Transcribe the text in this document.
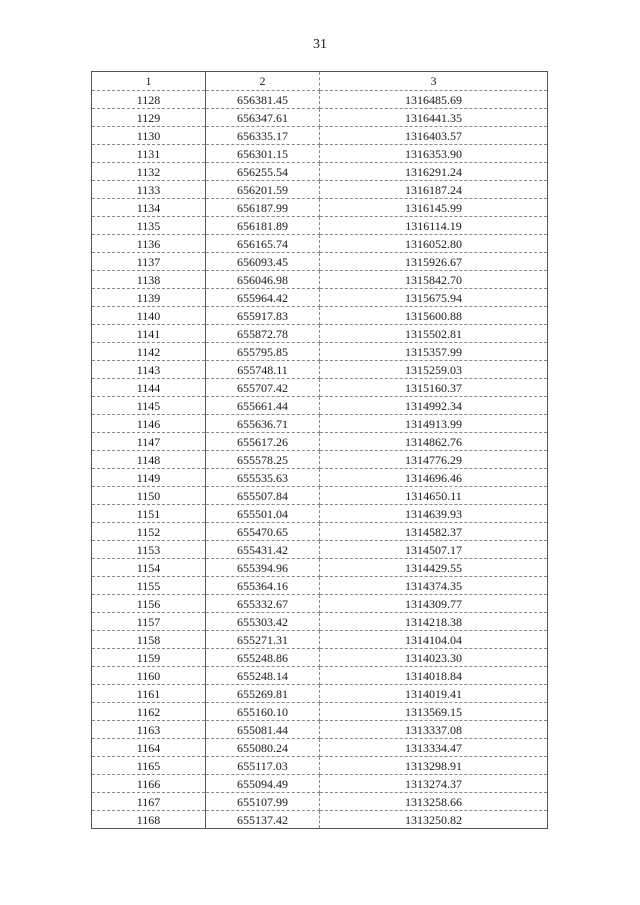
31
1	2	3
1128	656381.45	1316485.69
1129	656347.61	1316441.35
1130	656335.17	1316403.57
1131	656301.15	1316353.90
1132	656255.54	1316291.24
1133	656201.59	1316187.24
1134	656187.99	1316145.99
1135	656181.89	1316114.19
1136	656165.74	1316052.80
1137	656093.45	1315926.67
1138	656046.98	1315842.70
1139	655964.42	1315675.94
1140	655917.83	1315600.88
1141	655872.78	1315502.81
1142	655795.85	1315357.99
1143	655748.11	1315259.03
1144	655707.42	1315160.37
1145	655661.44	1314992.34
1146	655636.71	1314913.99
1147	655617.26	1314862.76
1148	655578.25	1314776.29
1149	655535.63	1314696.46
1150	655507.84	1314650.11
1151	655501.04	1314639.93
1152	655470.65	1314582.37
1153	655431.42	1314507.17
1154	655394.96	1314429.55
1155	655364.16	1314374.35
1156	655332.67	1314309.77
1157	655303.42	1314218.38
1158	655271.31	1314104.04
1159	655248.86	1314023.30
1160	655248.14	1314018.84
1161	655269.81	1314019.41
1162	655160.10	1313569.15
1163	655081.44	1313337.08
1164	655080.24	1313334.47
1165	655117.03	1313298.91
1166	655094.49	1313274.37
1167	655107.99	1313258.66
1168	655137.42	1313250.82
